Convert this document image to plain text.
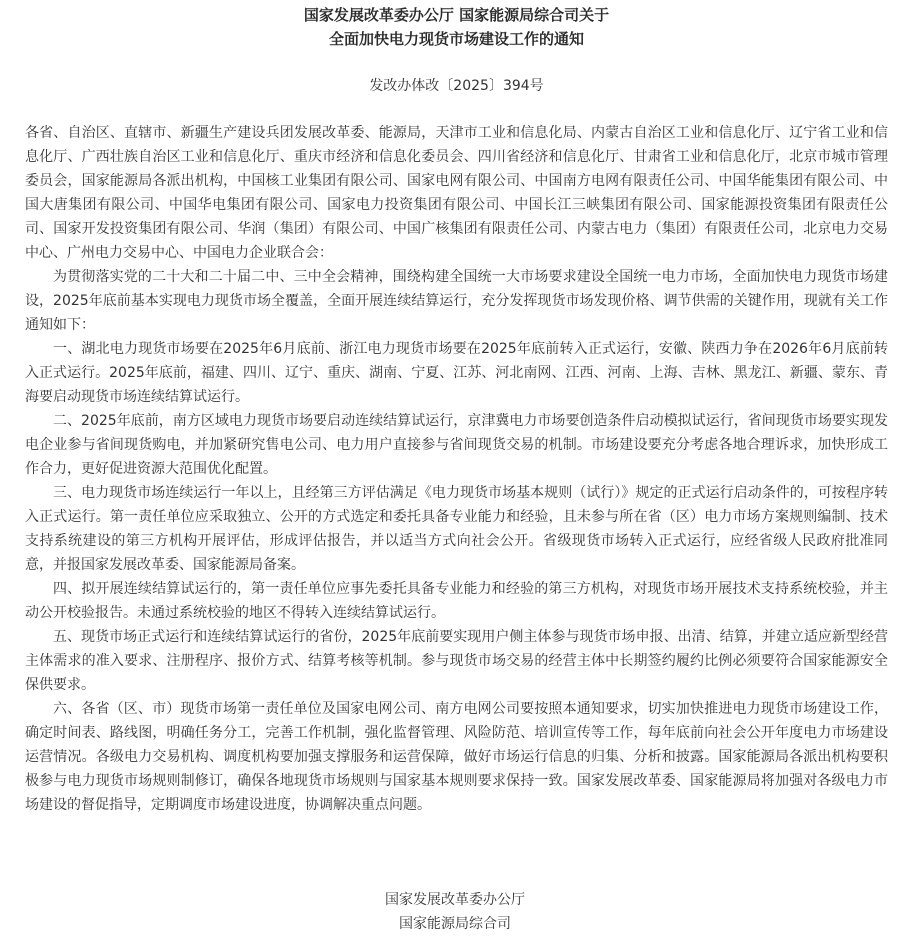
国家发展改革委办公厅 国家能源局综合司关于

全面加快电力现货市场建设工作的通知

发改办体改〔2025〕394号

各省、自治区、直辖市、新疆生产建设兵团发展改革委、能源局，天津市工业和信息化局、内蒙古自治区工业和信息化厅、辽宁省工业和信息化厅、广西壮族自治区工业和信息化厅、重庆市经济和信息化委员会、四川省经济和信息化厅、甘肃省工业和信息化厅，北京市城市管理委员会，国家能源局各派出机构，中国核工业集团有限公司、国家电网有限公司、中国南方电网有限责任公司、中国华能集团有限公司、中国大唐集团有限公司、中国华电集团有限公司、国家电力投资集团有限公司、中国长江三峡集团有限公司、国家能源投资集团有限责任公司、国家开发投资集团有限公司、华润（集团）有限公司、中国广核集团有限责任公司、内蒙古电力（集团）有限责任公司，北京电力交易中心、广州电力交易中心、中国电力企业联合会：

为贯彻落实党的二十大和二十届二中、三中全会精神，围绕构建全国统一大市场要求建设全国统一电力市场，全面加快电力现货市场建设，2025年底前基本实现电力现货市场全覆盖，全面开展连续结算运行，充分发挥现货市场发现价格、调节供需的关键作用，现就有关工作通知如下：

一、湖北电力现货市场要在2025年6月底前、浙江电力现货市场要在2025年底前转入正式运行，安徽、陕西力争在2026年6月底前转入正式运行。2025年底前，福建、四川、辽宁、重庆、湖南、宁夏、江苏、河北南网、江西、河南、上海、吉林、黑龙江、新疆、蒙东、青海要启动现货市场连续结算试运行。

二、2025年底前，南方区域电力现货市场要启动连续结算试运行，京津冀电力市场要创造条件启动模拟试运行，省间现货市场要实现发电企业参与省间现货购电，并加紧研究售电公司、电力用户直接参与省间现货交易的机制。市场建设要充分考虑各地合理诉求，加快形成工作合力，更好促进资源大范围优化配置。

三、电力现货市场连续运行一年以上，且经第三方评估满足《电力现货市场基本规则（试行）》规定的正式运行启动条件的，可按程序转入正式运行。第一责任单位应采取独立、公开的方式选定和委托具备专业能力和经验，且未参与所在省（区）电力市场方案规则编制、技术支持系统建设的第三方机构开展评估，形成评估报告，并以适当方式向社会公开。省级现货市场转入正式运行，应经省级人民政府批准同意，并报国家发展改革委、国家能源局备案。

四、拟开展连续结算试运行的，第一责任单位应事先委托具备专业能力和经验的第三方机构，对现货市场开展技术支持系统校验，并主动公开校验报告。未通过系统校验的地区不得转入连续结算试运行。

五、现货市场正式运行和连续结算试运行的省份，2025年底前要实现用户侧主体参与现货市场申报、出清、结算，并建立适应新型经营主体需求的准入要求、注册程序、报价方式、结算考核等机制。参与现货市场交易的经营主体中长期签约履约比例必须要符合国家能源安全保供要求。

六、各省（区、市）现货市场第一责任单位及国家电网公司、南方电网公司要按照本通知要求，切实加快推进电力现货市场建设工作，确定时间表、路线图，明确任务分工，完善工作机制，强化监督管理、风险防范、培训宣传等工作，每年底前向社会公开年度电力市场建设运营情况。各级电力交易机构、调度机构要加强支撑服务和运营保障，做好市场运行信息的归集、分析和披露。国家能源局各派出机构要积极参与电力现货市场规则制修订，确保各地现货市场规则与国家基本规则要求保持一致。国家发展改革委、国家能源局将加强对各级电力市场建设的督促指导，定期调度市场建设进度，协调解决重点问题。

国家发展改革委办公厅
国家能源局综合司
